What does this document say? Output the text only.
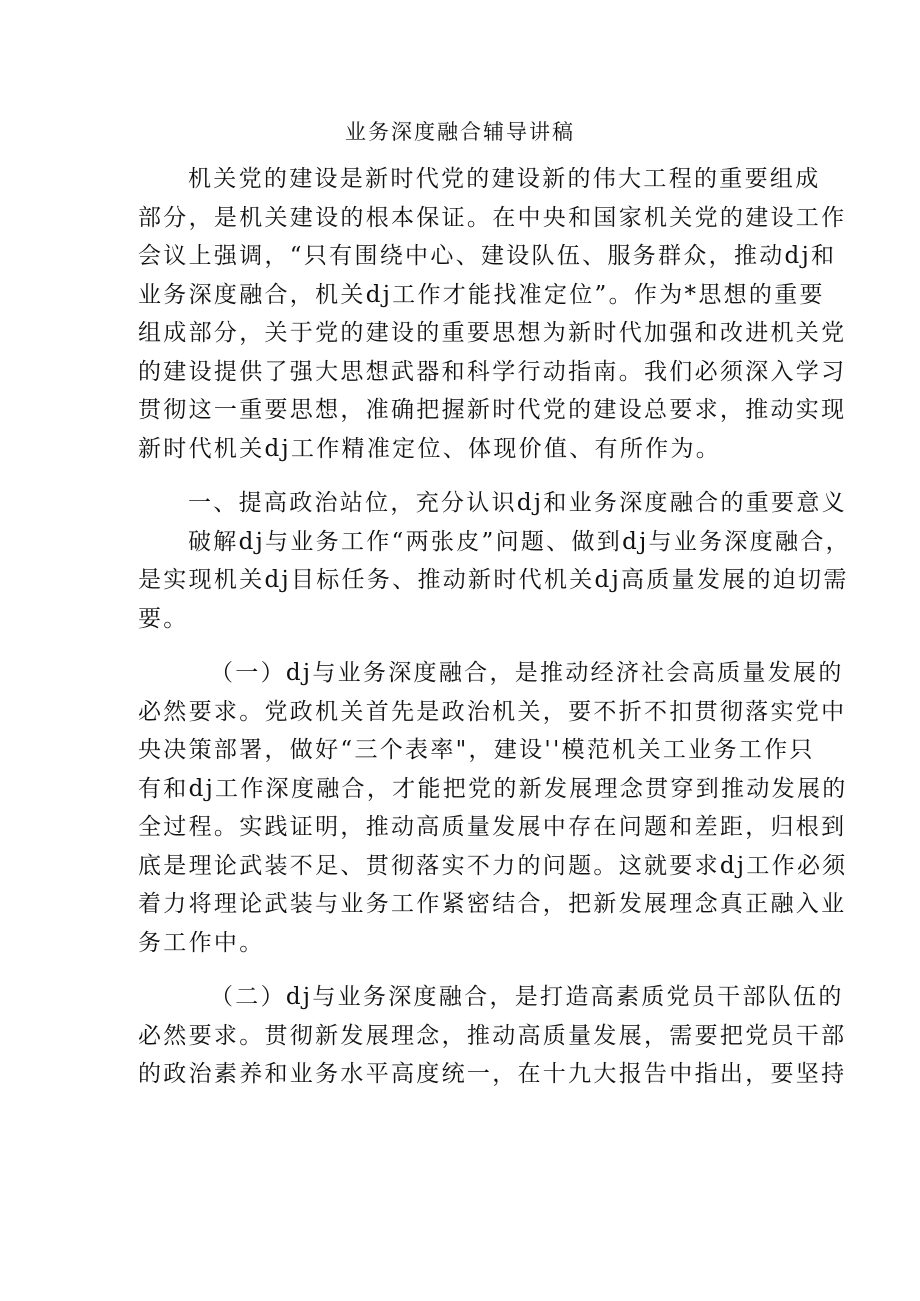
业务深度融合辅导讲稿

机关党的建设是新时代党的建设新的伟大工程的重要组成
部分，是机关建设的根本保证。在中央和国家机关党的建设工作
会议上强调，“只有围绕中心、建设队伍、服务群众，推动dj和
业务深度融合，机关dj工作才能找准定位”。作为*思想的重要
组成部分，关于党的建设的重要思想为新时代加强和改进机关党
的建设提供了强大思想武器和科学行动指南。我们必须深入学习
贯彻这一重要思想，准确把握新时代党的建设总要求，推动实现
新时代机关dj工作精准定位、体现价值、有所作为。

一、提高政治站位，充分认识dj和业务深度融合的重要意义

破解dj与业务工作“两张皮”问题、做到dj与业务深度融合，
是实现机关dj目标任务、推动新时代机关dj高质量发展的迫切需
要。

（一）dj与业务深度融合，是推动经济社会高质量发展的
必然要求。党政机关首先是政治机关，要不折不扣贯彻落实党中
央决策部署，做好“三个表率"，建设''模范机关工业务工作只
有和dj工作深度融合，才能把党的新发展理念贯穿到推动发展的
全过程。实践证明，推动高质量发展中存在问题和差距，归根到
底是理论武装不足、贯彻落实不力的问题。这就要求dj工作必须
着力将理论武装与业务工作紧密结合，把新发展理念真正融入业
务工作中。

（二）dj与业务深度融合，是打造高素质党员干部队伍的
必然要求。贯彻新发展理念，推动高质量发展，需要把党员干部
的政治素养和业务水平高度统一，在十九大报告中指出，要坚持
